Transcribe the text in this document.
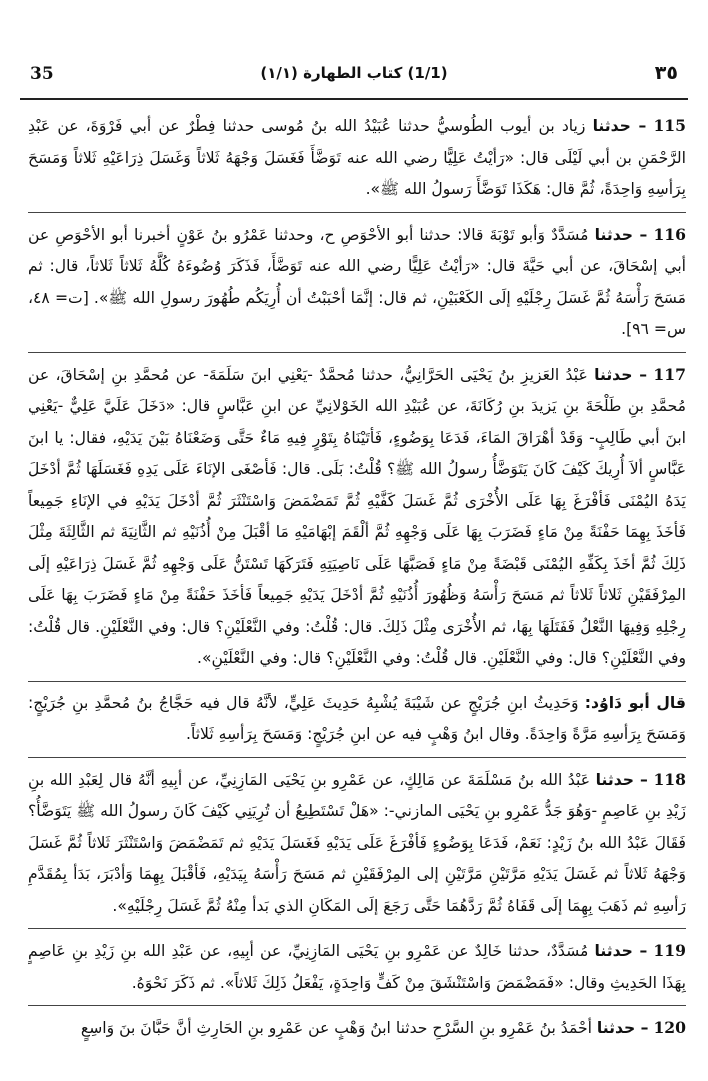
35	(1/1) كتاب الطهارة (١/١)	٣٥

115 – حدثنا زياد بن أيوب الطُوسيُّ حدثنا عُبَيْدُ الله بنُ مُوسى حدثنا فِطْرٌ عن أبي فَرْوَةَ، عن عَبْدِ الرَّحْمَنِ بن أبي لَيْلَى قال: «رَأيْتُ عَلِيًّا رضي الله عنه تَوَضَّأَ فَغَسَلَ وَجْهَهُ ثَلاثاً وَغَسَلَ ذِرَاعَيْهِ ثَلاثاً وَمَسَحَ بِرَأسِهِ وَاحِدَةً، ثُمَّ قال: هَكَذَا تَوَضَّأَ رَسولُ الله ﷺ».

116 – حدثنا مُسَدَّدٌ وَأبو تَوْبَةَ قالا: حدثنا أبو الأحْوَصِ ح، وحدثنا عَمْرُو بنُ عَوْنٍ أخبرنا أبو الأحْوَصِ عن أبي إسْحَاقَ، عن أبي حَيَّةَ قال: «رَأيْتُ عَلِيًّا رضي الله عنه تَوَضَّأَ، فَذَكَرَ وُضُوءَهُ كُلَّهُ ثَلاثاً ثَلاثاً، قال: ثم مَسَحَ رَأْسَهُ ثُمَّ غَسَلَ رِجْلَيْهِ إلَى الكَعْبَيْنِ، ثم قال: إنَّمَا أحْبَبْتُ أن أُرِيَكُم طُهُورَ رسولِ الله ﷺ». [ت= ٤٨، س= ٩٦].

117 – حدثنا عَبْدُ العَزيزِ بنُ يَحْيَى الحَرَّانِيُّ، حدثنا مُحمَّدٌ -يَعْنِي ابنَ سَلَمَةَ- عن مُحمَّدِ بنِ إسْحَاقَ، عن مُحمَّدِ بنِ طَلْحَةَ بنِ يَزيدَ بنِ رُكَانَةَ، عن عُبَيْدِ الله الخَوْلانِيِّ عن ابنِ عَبَّاسٍ قال: «دَخَلَ عَلَيَّ عَلِيٌّ -يَعْنِي ابنَ أبي طَالِبٍ- وَقَدْ أهْرَاقَ المَاءَ، فَدَعَا بِوَضُوءٍ، فَأتَيْنَاهُ بِتَوْرٍ فِيهِ مَاءٌ حَتَّى وَضَعْنَاهُ بَيْنَ يَدَيْهِ، فقال: يا ابنَ عَبَّاسٍ ألاَ أُرِيكَ كَيْفَ كَانَ يَتَوَضَّأُ رسولُ الله ﷺ؟ قُلْتُ: بَلَى. قال: فَأصْغَى الإنَاءَ عَلَى يَدِهِ فَغَسَلَهَا ثُمَّ أدْخَلَ يَدَهُ اليُمْنَى فَأفْرَغَ بِهَا عَلَى الأُخْرَى ثُمَّ غَسَلَ كَفَّيْهِ ثُمَّ تَمَضْمَضَ وَاسْتَنْثَرَ ثُمَّ أدْخَلَ يَدَيْهِ في الإنَاءِ جَمِيعاً فَأخَذَ بِهِمَا حَفْنَةً مِنْ مَاءٍ فَضَرَبَ بِهَا عَلَى وَجْهِهِ ثُمَّ ألْقَمَ إبْهَامَيْهِ مَا أقْبَلَ مِنْ أُذُنَيْهِ ثم الثَّانِيَةَ ثم الثَّالِثَةَ مِثْلَ ذَلِكَ ثُمَّ أخَذَ بِكَفِّهِ اليُمْنَى قَبْضَةً مِنْ مَاءٍ فَصَبَّهَا عَلَى نَاصِيَتِهِ فَتَرَكَهَا تَسْتَنُّ عَلَى وَجْهِهِ ثُمَّ غَسَلَ ذِرَاعَيْهِ إلَى المِرْفَقَيْنِ ثَلاثاً ثَلاثاً ثم مَسَحَ رَأْسَهُ وَظُهُورَ أُذُنَيْهِ ثُمَّ أدْخَلَ يَدَيْهِ جَمِيعاً فَأخَذَ حَفْنَةً مِنْ مَاءٍ فَضَرَبَ بِهَا عَلَى رِجْلِهِ وَفِيهَا النَّعْلُ فَفَتَلَهَا بِهَا، ثم الأُخْرَى مِثْلَ ذَلِكَ. قال: قُلْتُ: وفي النَّعْلَيْنِ؟ قال: وفي النَّعْلَيْنِ. قال قُلْتُ: وفي النَّعْلَيْنِ؟ قال: وفي النَّعْلَيْنِ. قال قُلْتُ: وفي النَّعْلَيْنِ؟ قال: وفي النَّعْلَيْنِ».

قال أبو دَاوُد: وَحَدِيثُ ابنِ جُرَيْجٍ عن شَيْبَةَ يُشْبِهُ حَدِيثَ عَلِيٍّ، لأنَّهُ قال فيه حَجَّاجُ بنُ مُحمَّدِ بنِ جُرَيْجٍ: وَمَسَحَ بِرَأسِهِ مَرَّةً وَاحِدَةً. وقال ابنُ وَهْبٍ فيه عن ابنِ جُرَيْجٍ: وَمَسَحَ بِرَأسِهِ ثَلاثاً.

118 – حدثنا عَبْدُ الله بنُ مَسْلَمَةَ عن مَالِكٍ، عن عَمْرِو بنِ يَحْيَى المَازِنِيِّ، عن أبِيهِ أنَّهُ قال لِعَبْدِ الله بنِ زَيْدِ بنِ عَاصِمٍ -وَهُوَ جَدُّ عَمْرِو بنِ يَحْيَى المازني-: «هَلْ تَسْتَطِيعُ أن تُرِيَنِي كَيْفَ كَانَ رسولُ الله ﷺ يَتَوَضَّأُ؟ فَقَالَ عَبْدُ الله بنُ زَيْدٍ: نَعَمْ، فَدَعَا بِوَضُوءٍ فَأفْرَغَ عَلَى يَدَيْهِ فَغَسَلَ يَدَيْهِ ثم تَمَضْمَضَ وَاسْتَنْثَرَ ثَلاثاً ثُمَّ غَسَلَ وَجْهَهُ ثَلاثاً ثم غَسَلَ يَدَيْهِ مَرَّتَيْنِ مَرَّتَيْنِ إلى المِرْفَقَيْنِ ثم مَسَحَ رَأْسَهُ بِيَدَيْهِ، فَأقْبَلَ بِهِمَا وَأدْبَرَ، بَدَأ بِمُقَدَّمِ رَأسِهِ ثم ذَهَبَ بِهِمَا إلَى قَفَاهُ ثُمَّ رَدَّهُمَا حَتَّى رَجَعَ إلَى المَكَانِ الذي بَدأ مِنْهُ ثُمَّ غَسَلَ رِجْلَيْهِ».

119 – حدثنا مُسَدَّدٌ، حدثنا خَالِدٌ عن عَمْرِو بنِ يَحْيَى المَازِنِيِّ، عن أبِيهِ، عن عَبْدِ الله بنِ زَيْدِ بنِ عَاصِمٍ بِهَذَا الحَدِيثِ وقال: «فَمَضْمَضَ وَاسْتَنْشَقَ مِنْ كَفٍّ وَاحِدَةٍ، يَفْعَلُ ذَلِكَ ثَلاثاً». ثم ذَكَرَ نَحْوَهُ.

120 – حدثنا أحْمَدُ بنُ عَمْرِو بنِ السَّرْحِ حدثنا ابنُ وَهْبٍ عن عَمْرِو بنِ الحَارِثِ أنَّ حَبَّانَ بنَ وَاسِعٍ
